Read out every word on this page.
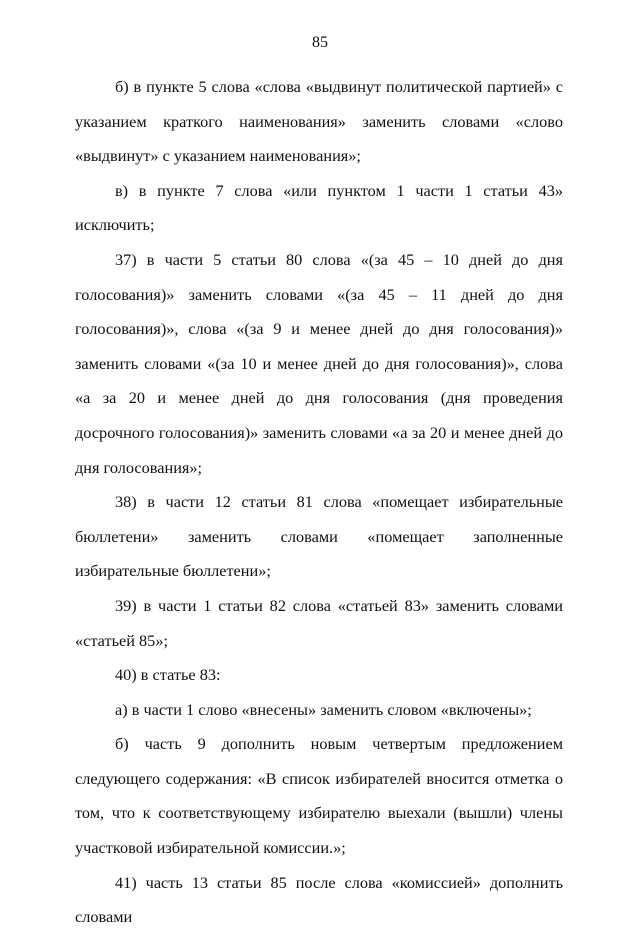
85

б) в пункте 5 слова «слова «выдвинут политической партией» с указанием краткого наименования» заменить словами «слово «выдвинут» с указанием наименования»;

в) в пункте 7 слова «или пунктом 1 части 1 статьи 43» исключить;

37) в части 5 статьи 80 слова «(за 45 – 10 дней до дня голосования)» заменить словами «(за 45 – 11 дней до дня голосования)», слова «(за 9 и менее дней до дня голосования)» заменить словами «(за 10 и менее дней до дня голосования)», слова «а за 20 и менее дней до дня голосования (дня проведения досрочного голосования)» заменить словами «а за 20 и менее дней до дня голосования»;

38) в части 12 статьи 81 слова «помещает избирательные бюллетени» заменить словами «помещает заполненные избирательные бюллетени»;

39) в части 1 статьи 82 слова «статьей 83» заменить словами «статьей 85»;

40) в статье 83:

а) в части 1 слово «внесены» заменить словом «включены»;

б) часть 9 дополнить новым четвертым предложением следующего содержания: «В список избирателей вносится отметка о том, что к соответствующему избирателю выехали (вышли) члены участковой избирательной комиссии.»;

41) часть 13 статьи 85 после слова «комиссией» дополнить словами
